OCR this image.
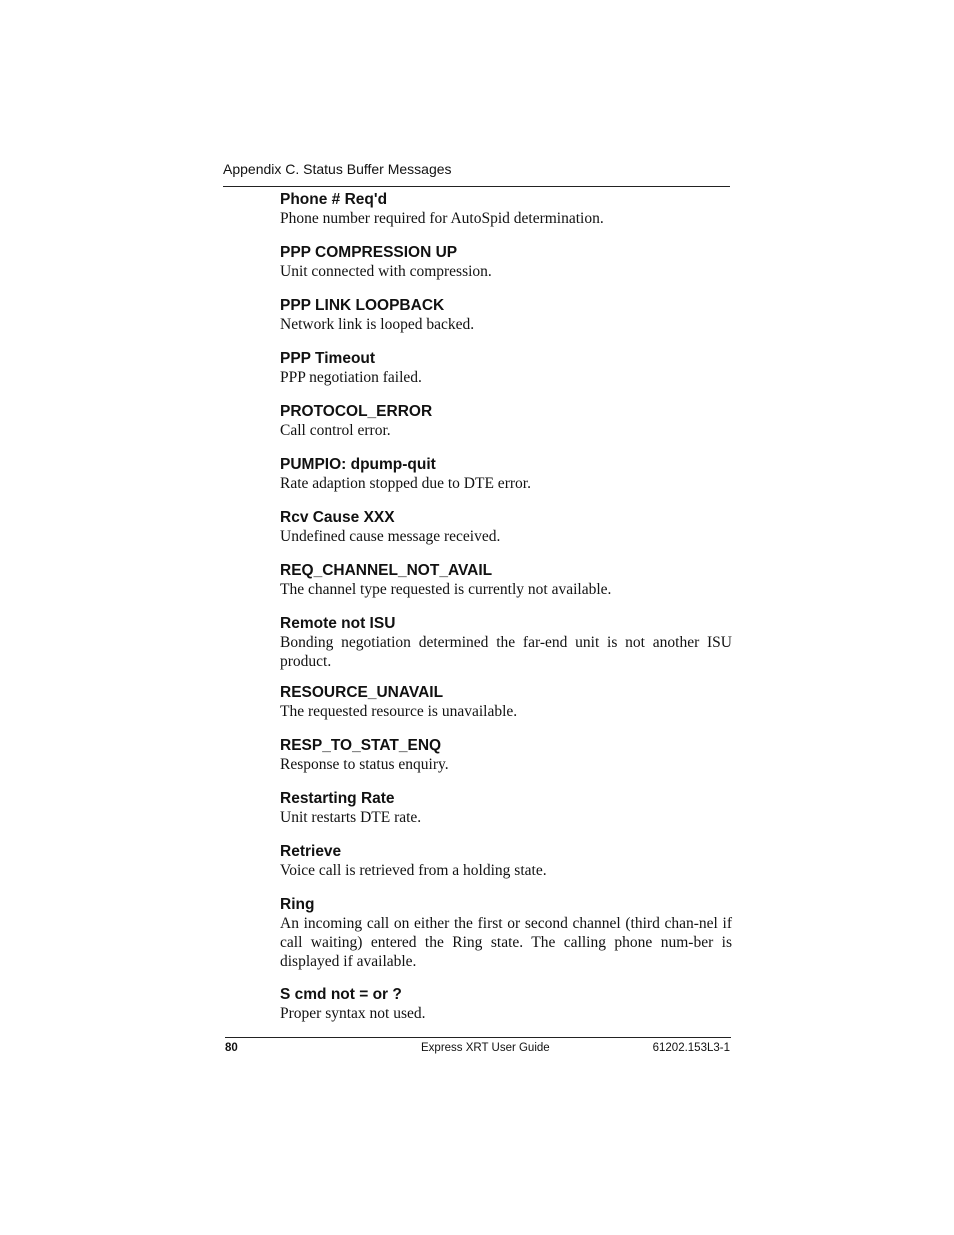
Appendix C. Status Buffer Messages
Phone # Req'd
Phone number required for AutoSpid determination.
PPP COMPRESSION UP
Unit connected with compression.
PPP LINK LOOPBACK
Network link is looped backed.
PPP Timeout
PPP negotiation failed.
PROTOCOL_ERROR
Call control error.
PUMPIO: dpump-quit
Rate adaption stopped due to DTE error.
Rcv Cause XXX
Undefined cause message received.
REQ_CHANNEL_NOT_AVAIL
The channel type requested is currently not available.
Remote not ISU
Bonding negotiation determined the far-end unit is not another ISU product.
RESOURCE_UNAVAIL
The requested resource is unavailable.
RESP_TO_STAT_ENQ
Response to status enquiry.
Restarting Rate
Unit restarts DTE rate.
Retrieve
Voice call is retrieved from a holding state.
Ring
An incoming call on either the first or second channel (third chan-nel if call waiting) entered the Ring state. The calling phone num-ber is displayed if available.
S cmd not = or ?
Proper syntax not used.
80	Express XRT User Guide	61202.153L3-1
